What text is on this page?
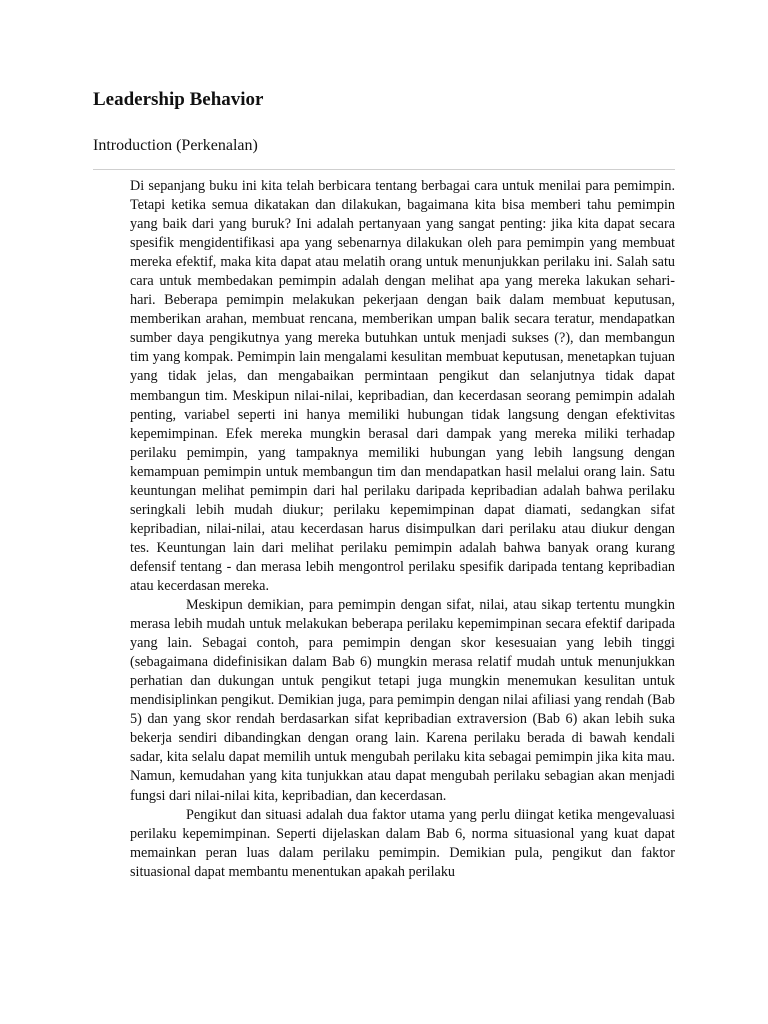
Leadership Behavior
Introduction (Perkenalan)

Di sepanjang buku ini kita telah berbicara tentang berbagai cara untuk menilai para pemimpin. Tetapi ketika semua dikatakan dan dilakukan, bagaimana kita bisa memberi tahu pemimpin yang baik dari yang buruk? Ini adalah pertanyaan yang sangat penting: jika kita dapat secara spesifik mengidentifikasi apa yang sebenarnya dilakukan oleh para pemimpin yang membuat mereka efektif, maka kita dapat atau melatih orang untuk menunjukkan perilaku ini. Salah satu cara untuk membedakan pemimpin adalah dengan melihat apa yang mereka lakukan sehari-hari. Beberapa pemimpin melakukan pekerjaan dengan baik dalam membuat keputusan, memberikan arahan, membuat rencana, memberikan umpan balik secara teratur, mendapatkan sumber daya pengikutnya yang mereka butuhkan untuk menjadi sukses (?), dan membangun tim yang kompak. Pemimpin lain mengalami kesulitan membuat keputusan, menetapkan tujuan yang tidak jelas, dan mengabaikan permintaan pengikut dan selanjutnya tidak dapat membangun tim. Meskipun nilai-nilai, kepribadian, dan kecerdasan seorang pemimpin adalah penting, variabel seperti ini hanya memiliki hubungan tidak langsung dengan efektivitas kepemimpinan. Efek mereka mungkin berasal dari dampak yang mereka miliki terhadap perilaku pemimpin, yang tampaknya memiliki hubungan yang lebih langsung dengan kemampuan pemimpin untuk membangun tim dan mendapatkan hasil melalui orang lain. Satu keuntungan melihat pemimpin dari hal perilaku daripada kepribadian adalah bahwa perilaku seringkali lebih mudah diukur; perilaku kepemimpinan dapat diamati, sedangkan sifat kepribadian, nilai-nilai, atau kecerdasan harus disimpulkan dari perilaku atau diukur dengan tes. Keuntungan lain dari melihat perilaku pemimpin adalah bahwa banyak orang kurang defensif tentang - dan merasa lebih mengontrol perilaku spesifik daripada tentang kepribadian atau kecerdasan mereka.

Meskipun demikian, para pemimpin dengan sifat, nilai, atau sikap tertentu mungkin merasa lebih mudah untuk melakukan beberapa perilaku kepemimpinan secara efektif daripada yang lain. Sebagai contoh, para pemimpin dengan skor kesesuaian yang lebih tinggi (sebagaimana didefinisikan dalam Bab 6) mungkin merasa relatif mudah untuk menunjukkan perhatian dan dukungan untuk pengikut tetapi juga mungkin menemukan kesulitan untuk mendisiplinkan pengikut. Demikian juga, para pemimpin dengan nilai afiliasi yang rendah (Bab 5) dan yang skor rendah berdasarkan sifat kepribadian extraversion (Bab 6) akan lebih suka bekerja sendiri dibandingkan dengan orang lain. Karena perilaku berada di bawah kendali sadar, kita selalu dapat memilih untuk mengubah perilaku kita sebagai pemimpin jika kita mau. Namun, kemudahan yang kita tunjukkan atau dapat mengubah perilaku sebagian akan menjadi fungsi dari nilai-nilai kita, kepribadian, dan kecerdasan.

Pengikut dan situasi adalah dua faktor utama yang perlu diingat ketika mengevaluasi perilaku kepemimpinan. Seperti dijelaskan dalam Bab 6, norma situasional yang kuat dapat memainkan peran luas dalam perilaku pemimpin. Demikian pula, pengikut dan faktor situasional dapat membantu menentukan apakah perilaku
